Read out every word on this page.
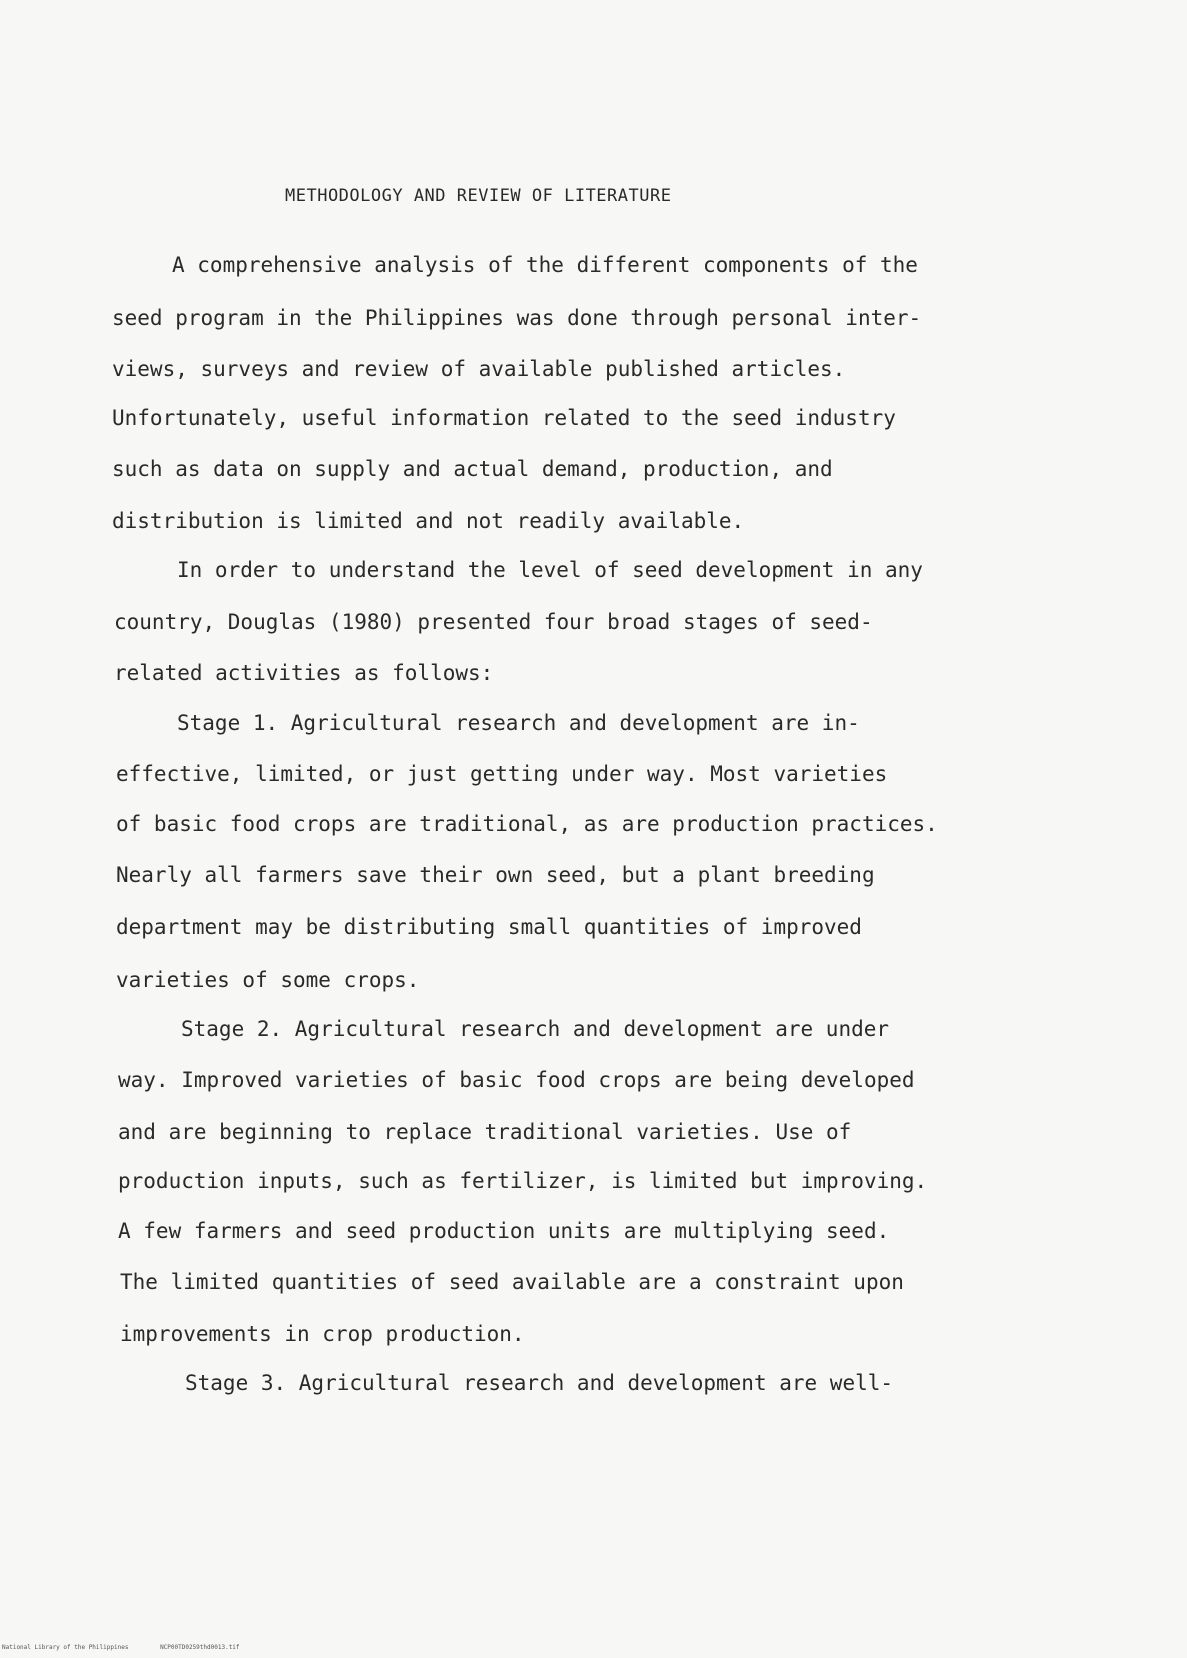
METHODOLOGY AND REVIEW OF LITERATURE
A comprehensive analysis of the different components of the
seed program in the Philippines was done through personal inter-
views, surveys and review of available published articles.
Unfortunately, useful information related to the seed industry
such as data on supply and actual demand, production, and
distribution is limited and not readily available.
In order to understand the level of seed development in any
country, Douglas (1980) presented four broad stages of seed-
related activities as follows:
Stage 1. Agricultural research and development are in-
effective, limited, or just getting under way. Most varieties
of basic food crops are traditional, as are production practices.
Nearly all farmers save their own seed, but a plant breeding
department may be distributing small quantities of improved
varieties of some crops.
Stage 2. Agricultural research and development are under
way. Improved varieties of basic food crops are being developed
and are beginning to replace traditional varieties. Use of
production inputs, such as fertilizer, is limited but improving.
A few farmers and seed production units are multiplying seed.
The limited quantities of seed available are a constraint upon
improvements in crop production.
Stage 3. Agricultural research and development are well-
National Library of the Philippines	NCP00TD0259thd0013.tif
